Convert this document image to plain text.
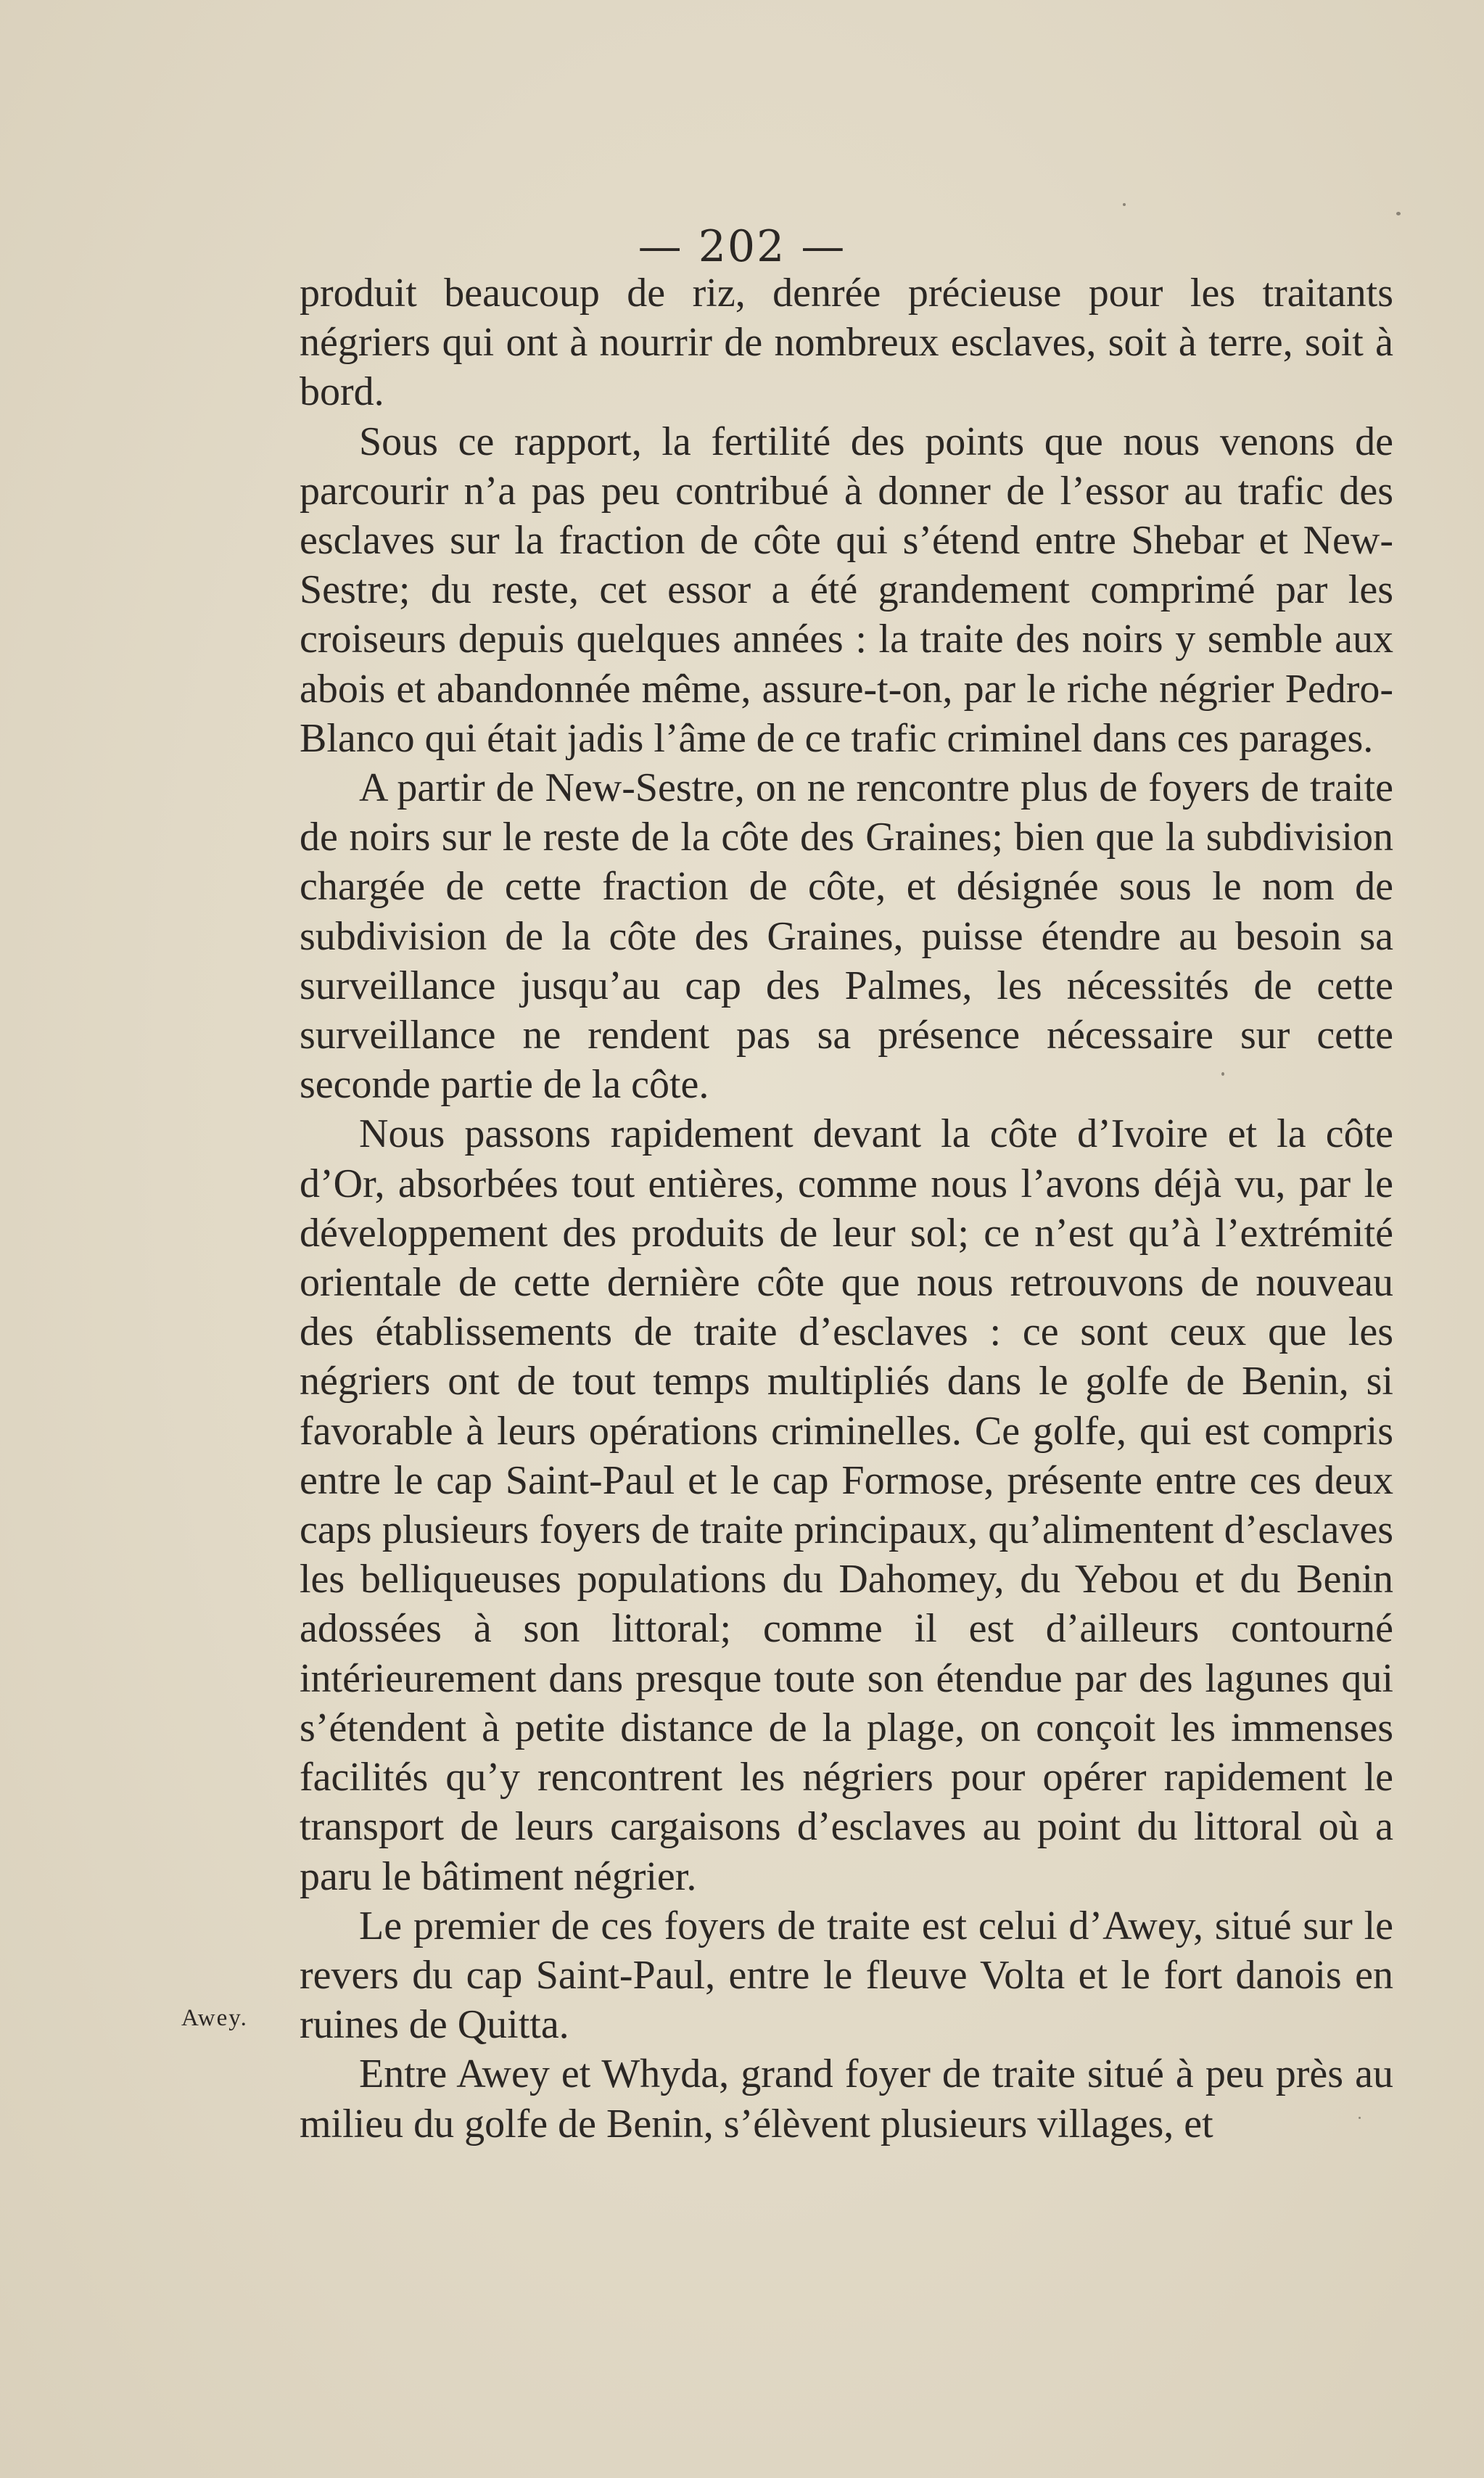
— 202 —
Awey.

produit beaucoup de riz, denrée précieuse pour les traitants négriers qui ont à nourrir de nombreux esclaves, soit à terre, soit à bord.

Sous ce rapport, la fertilité des points que nous venons de parcourir n’a pas peu contribué à donner de l’essor au trafic des esclaves sur la fraction de côte qui s’étend entre Shebar et New-Sestre; du reste, cet essor a été grandement comprimé par les croiseurs depuis quelques années : la traite des noirs y semble aux abois et abandonnée même, assure-t-on, par le riche négrier Pedro-Blanco qui était jadis l’âme de ce trafic criminel dans ces parages.

A partir de New-Sestre, on ne rencontre plus de foyers de traite de noirs sur le reste de la côte des Graines; bien que la subdivision chargée de cette fraction de côte, et désignée sous le nom de subdivision de la côte des Graines, puisse étendre au besoin sa surveillance jusqu’au cap des Palmes, les nécessités de cette surveillance ne rendent pas sa présence nécessaire sur cette seconde partie de la côte.

Nous passons rapidement devant la côte d’Ivoire et la côte d’Or, absorbées tout entières, comme nous l’avons déjà vu, par le développement des produits de leur sol; ce n’est qu’à l’extrémité orientale de cette dernière côte que nous retrouvons de nouveau des établissements de traite d’esclaves : ce sont ceux que les négriers ont de tout temps multipliés dans le golfe de Benin, si favorable à leurs opérations criminelles. Ce golfe, qui est compris entre le cap Saint-Paul et le cap Formose, présente entre ces deux caps plusieurs foyers de traite principaux, qu’alimentent d’esclaves les belliqueuses populations du Dahomey, du Yebou et du Benin adossées à son littoral; comme il est d’ailleurs contourné intérieurement dans presque toute son étendue par des lagunes qui s’étendent à petite distance de la plage, on conçoit les immenses facilités qu’y rencontrent les négriers pour opérer rapidement le transport de leurs cargaisons d’esclaves au point du littoral où a paru le bâtiment négrier.

Le premier de ces foyers de traite est celui d’Awey, situé sur le revers du cap Saint-Paul, entre le fleuve Volta et le fort danois en ruines de Quitta.

Entre Awey et Whyda, grand foyer de traite situé à peu près au milieu du golfe de Benin, s’élèvent plusieurs villages, et
